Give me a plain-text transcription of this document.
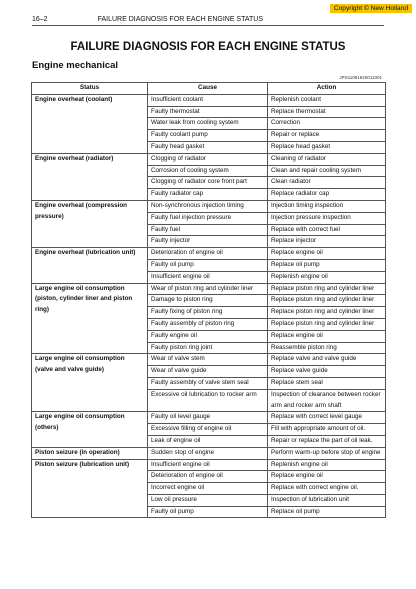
Copyright © New Holland
16–2	FAILURE DIAGNOSIS FOR EACH ENGINE STATUS
FAILURE DIAGNOSIS FOR EACH ENGINE STATUS
Engine mechanical
JPS11081626011001
Status	Cause	Action
Engine overheat (coolant)	Insufficient coolant	Replenish coolant
	Faulty thermostat	Replace thermostat
	Water leak from cooling system	Correction
	Faulty coolant pump	Repair or replace
	Faulty head gasket	Replace head gasket
Engine overheat (radiator)	Clogging of radiator	Cleaning of radiator
	Corrosion of cooling system	Clean and repair cooling system
	Clogging of radiator core front part	Clean radiator
	Faulty radiator cap	Replace radiator cap
Engine overheat (compression pressure)	Non-synchronous injection timing	Injection timing inspection
	Faulty fuel injection pressure	Injection pressure inspection
	Faulty fuel	Replace with correct fuel
	Faulty injector	Replace injector
Engine overheat (lubrication unit)	Deterioration of engine oil	Replace engine oil
	Faulty oil pump	Replace oil pump
	Insufficient engine oil	Replenish engine oil
Large engine oil consumption (piston, cylinder liner and piston ring)	Wear of piston ring and cylinder liner	Replace piston ring and cylinder liner
	Damage to piston ring	Replace piston ring and cylinder liner
	Faulty fixing of piston ring	Replace piston ring and cylinder liner
	Faulty assembly of piston ring	Replace piston ring and cylinder liner
	Faulty engine oil	Replace engine oil
	Faulty piston ring joint	Reassemble piston ring
Large engine oil consumption (valve and valve guide)	Wear of valve stem	Replace valve and valve guide
	Wear of valve guide	Replace valve guide
	Faulty assembly of valve stem seal	Replace stem seal
	Excessive oil lubrication to rocker arm	Inspection of clearance between rocker arm and rocker arm shaft
Large engine oil consumption (others)	Faulty oil level gauge	Replace with correct level gauge
	Excessive filling of engine oil	Fill with appropriate amount of oil.
	Leak of engine oil	Repair or replace the part of oil leak.
Piston seizure (in operation)	Sudden stop of engine	Perform warm-up before stop of engine
Piston seizure (lubrication unit)	Insufficient engine oil	Replenish engine oil
	Deterioration of engine oil	Replace engine oil
	Incorrect engine oil	Replace with correct engine oil.
	Low oil pressure	Inspection of lubrication unit
	Faulty oil pump	Replace oil pump
